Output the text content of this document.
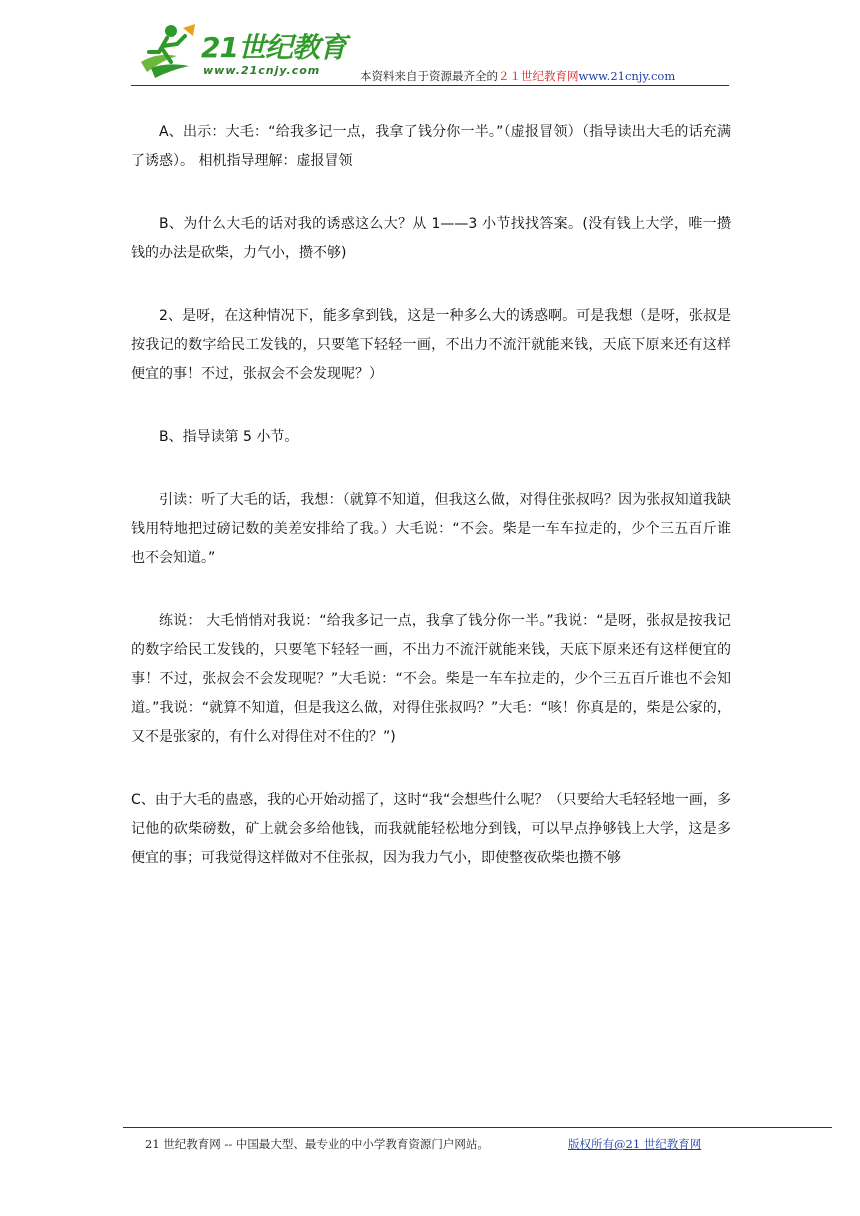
21世纪教育
www.21cnjy.com	本资料来自于资源最齐全的２１世纪教育网www.21cnjy.com

A、出示：大毛：“给我多记一点，我拿了钱分你一半。”（虚报冒领）（指导读出大毛的话充满了诱惑）。 相机指导理解：虚报冒领

B、为什么大毛的话对我的诱惑这么大？从 1——3 小节找找答案。(没有钱上大学，唯一攒钱的办法是砍柴，力气小，攒不够)

2、是呀，在这种情况下，能多拿到钱，这是一种多么大的诱惑啊。可是我想（是呀，张叔是按我记的数字给民工发钱的，只要笔下轻轻一画，不出力不流汗就能来钱，天底下原来还有这样便宜的事！不过，张叔会不会发现呢？）

B、指导读第 5 小节。

引读：听了大毛的话，我想：（就算不知道，但我这么做，对得住张叔吗？因为张叔知道我缺钱用特地把过磅记数的美差安排给了我。）大毛说：“不会。柴是一车车拉走的，少个三五百斤谁也不会知道。”

练说： 大毛悄悄对我说：“给我多记一点，我拿了钱分你一半。”我说：“是呀，张叔是按我记的数字给民工发钱的，只要笔下轻轻一画，不出力不流汗就能来钱，天底下原来还有这样便宜的事！不过，张叔会不会发现呢？”大毛说：“不会。柴是一车车拉走的，少个三五百斤谁也不会知道。”我说：“就算不知道，但是我这么做，对得住张叔吗？”大毛：“咳！你真是的，柴是公家的，又不是张家的，有什么对得住对不住的？”)

C、由于大毛的蛊惑，我的心开始动摇了，这时“我“会想些什么呢？（只要给大毛轻轻地一画，多记他的砍柴磅数，矿上就会多给他钱，而我就能轻松地分到钱，可以早点挣够钱上大学，这是多便宜的事；可我觉得这样做对不住张叔，因为我力气小，即使整夜砍柴也攒不够

21 世纪教育网 -- 中国最大型、最专业的中小学教育资源门户网站。	版权所有@21 世纪教育网
